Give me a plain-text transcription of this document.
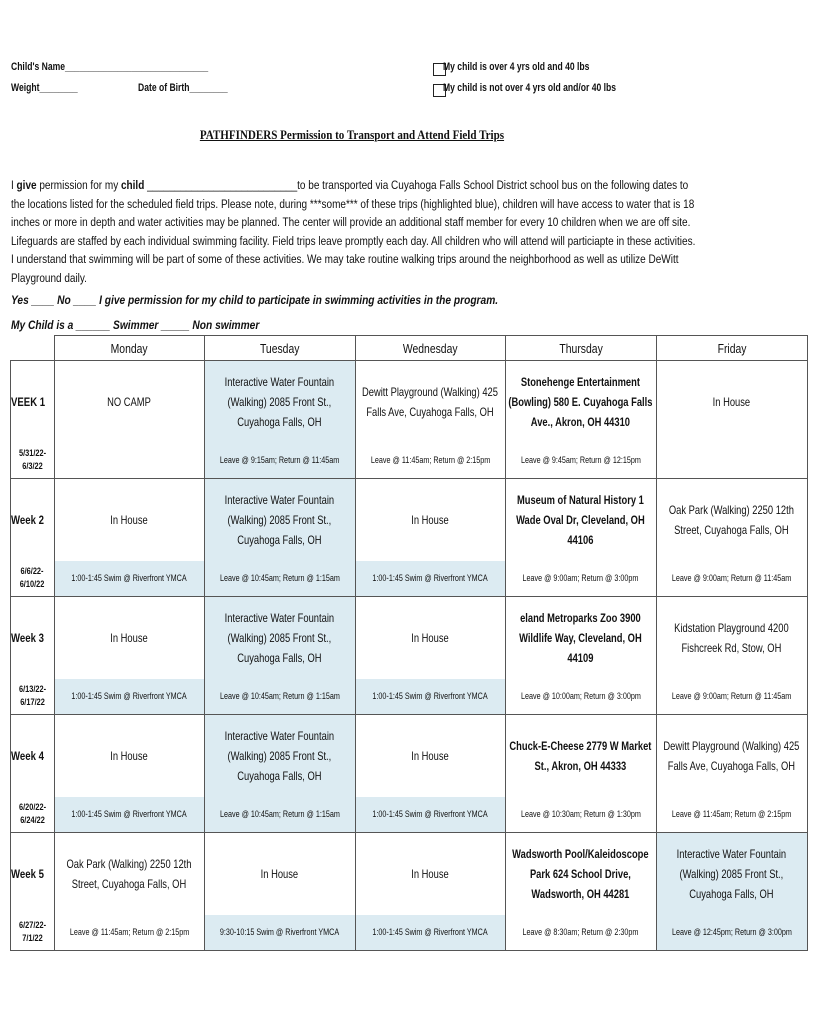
Child's Name______________________________
Weight________	Date of Birth________
My child is over 4 yrs old and 40 lbs
My child is not over 4 yrs old and/or 40 lbs
PATHFINDERS Permission to Transport and Attend Field Trips
I give permission for my child ___________________________to be transported via Cuyahoga Falls School District school bus on the following dates to the locations listed for the scheduled field trips. Please note, during ***some*** of these trips (highlighted blue), children will have access to water that is 18 inches or more in depth and water activities may be planned. The center will provide an additional staff member for every 10 children when we are off site. Lifeguards are staffed by each individual swimming facility. Field trips leave promptly each day. All children who will attend will particiapte in these activities. I understand that swimming will be part of some of these activities. We may take routine walking trips around the neighborhood as well as utilize DeWitt Playground daily.
Yes ____ No ____ I give permission for my child to participate in swimming activities in the program.
My Child is a ______ Swimmer _____ Non swimmer
	Monday	Tuesday	Wednesday	Thursday	Friday
VEEK 1	NO CAMP	Interactive Water Fountain (Walking) 2085 Front St., Cuyahoga Falls, OH	Dewitt Playground (Walking) 425 Falls Ave, Cuyahoga Falls, OH	Stonehenge Entertainment (Bowling) 580 E. Cuyahoga Falls Ave., Akron, OH 44310	In House
5/31/22-
6/3/22		Leave @ 9:15am; Return @ 11:45am	Leave @ 11:45am; Return @ 2:15pm	Leave @ 9:45am; Return @ 12:15pm	
Week 2	In House	Interactive Water Fountain (Walking) 2085 Front St., Cuyahoga Falls, OH	In House	Museum of Natural History 1 Wade Oval Dr, Cleveland, OH 44106	Oak Park (Walking) 2250 12th Street, Cuyahoga Falls, OH
6/6/22-
6/10/22	1:00-1:45 Swim @ Riverfront YMCA	Leave @ 10:45am; Return @ 1:15am	1:00-1:45 Swim @ Riverfront YMCA	Leave @ 9:00am; Return @ 3:00pm	Leave @ 9:00am; Return @ 11:45am
Week 3	In House	Interactive Water Fountain (Walking) 2085 Front St., Cuyahoga Falls, OH	In House	eland Metroparks Zoo 3900 Wildlife Way, Cleveland, OH 44109	Kidstation Playground 4200 Fishcreek Rd, Stow, OH
6/13/22-
6/17/22	1:00-1:45 Swim @ Riverfront YMCA	Leave @ 10:45am; Return @ 1:15am	1:00-1:45 Swim @ Riverfront YMCA	Leave @ 10:00am; Return @ 3:00pm	Leave @ 9:00am; Return @ 11:45am
Week 4	In House	Interactive Water Fountain (Walking) 2085 Front St., Cuyahoga Falls, OH	In House	Chuck-E-Cheese 2779 W Market St., Akron, OH 44333	Dewitt Playground (Walking) 425 Falls Ave, Cuyahoga Falls, OH
6/20/22-
6/24/22	1:00-1:45 Swim @ Riverfront YMCA	Leave @ 10:45am; Return @ 1:15am	1:00-1:45 Swim @ Riverfront YMCA	Leave @ 10:30am; Return @ 1:30pm	Leave @ 11:45am; Return @ 2:15pm
Week 5	Oak Park (Walking) 2250 12th Street, Cuyahoga Falls, OH	In House	In House	Wadsworth Pool/Kaleidoscope Park 624 School Drive, Wadsworth, OH 44281	Interactive Water Fountain (Walking) 2085 Front St., Cuyahoga Falls, OH
6/27/22-
7/1/22	Leave @ 11:45am; Return @ 2:15pm	9:30-10:15 Swim @ Riverfront YMCA	1:00-1:45 Swim @ Riverfront YMCA	Leave @ 8:30am; Return @ 2:30pm	Leave @ 12:45pm; Return @ 3:00pm
